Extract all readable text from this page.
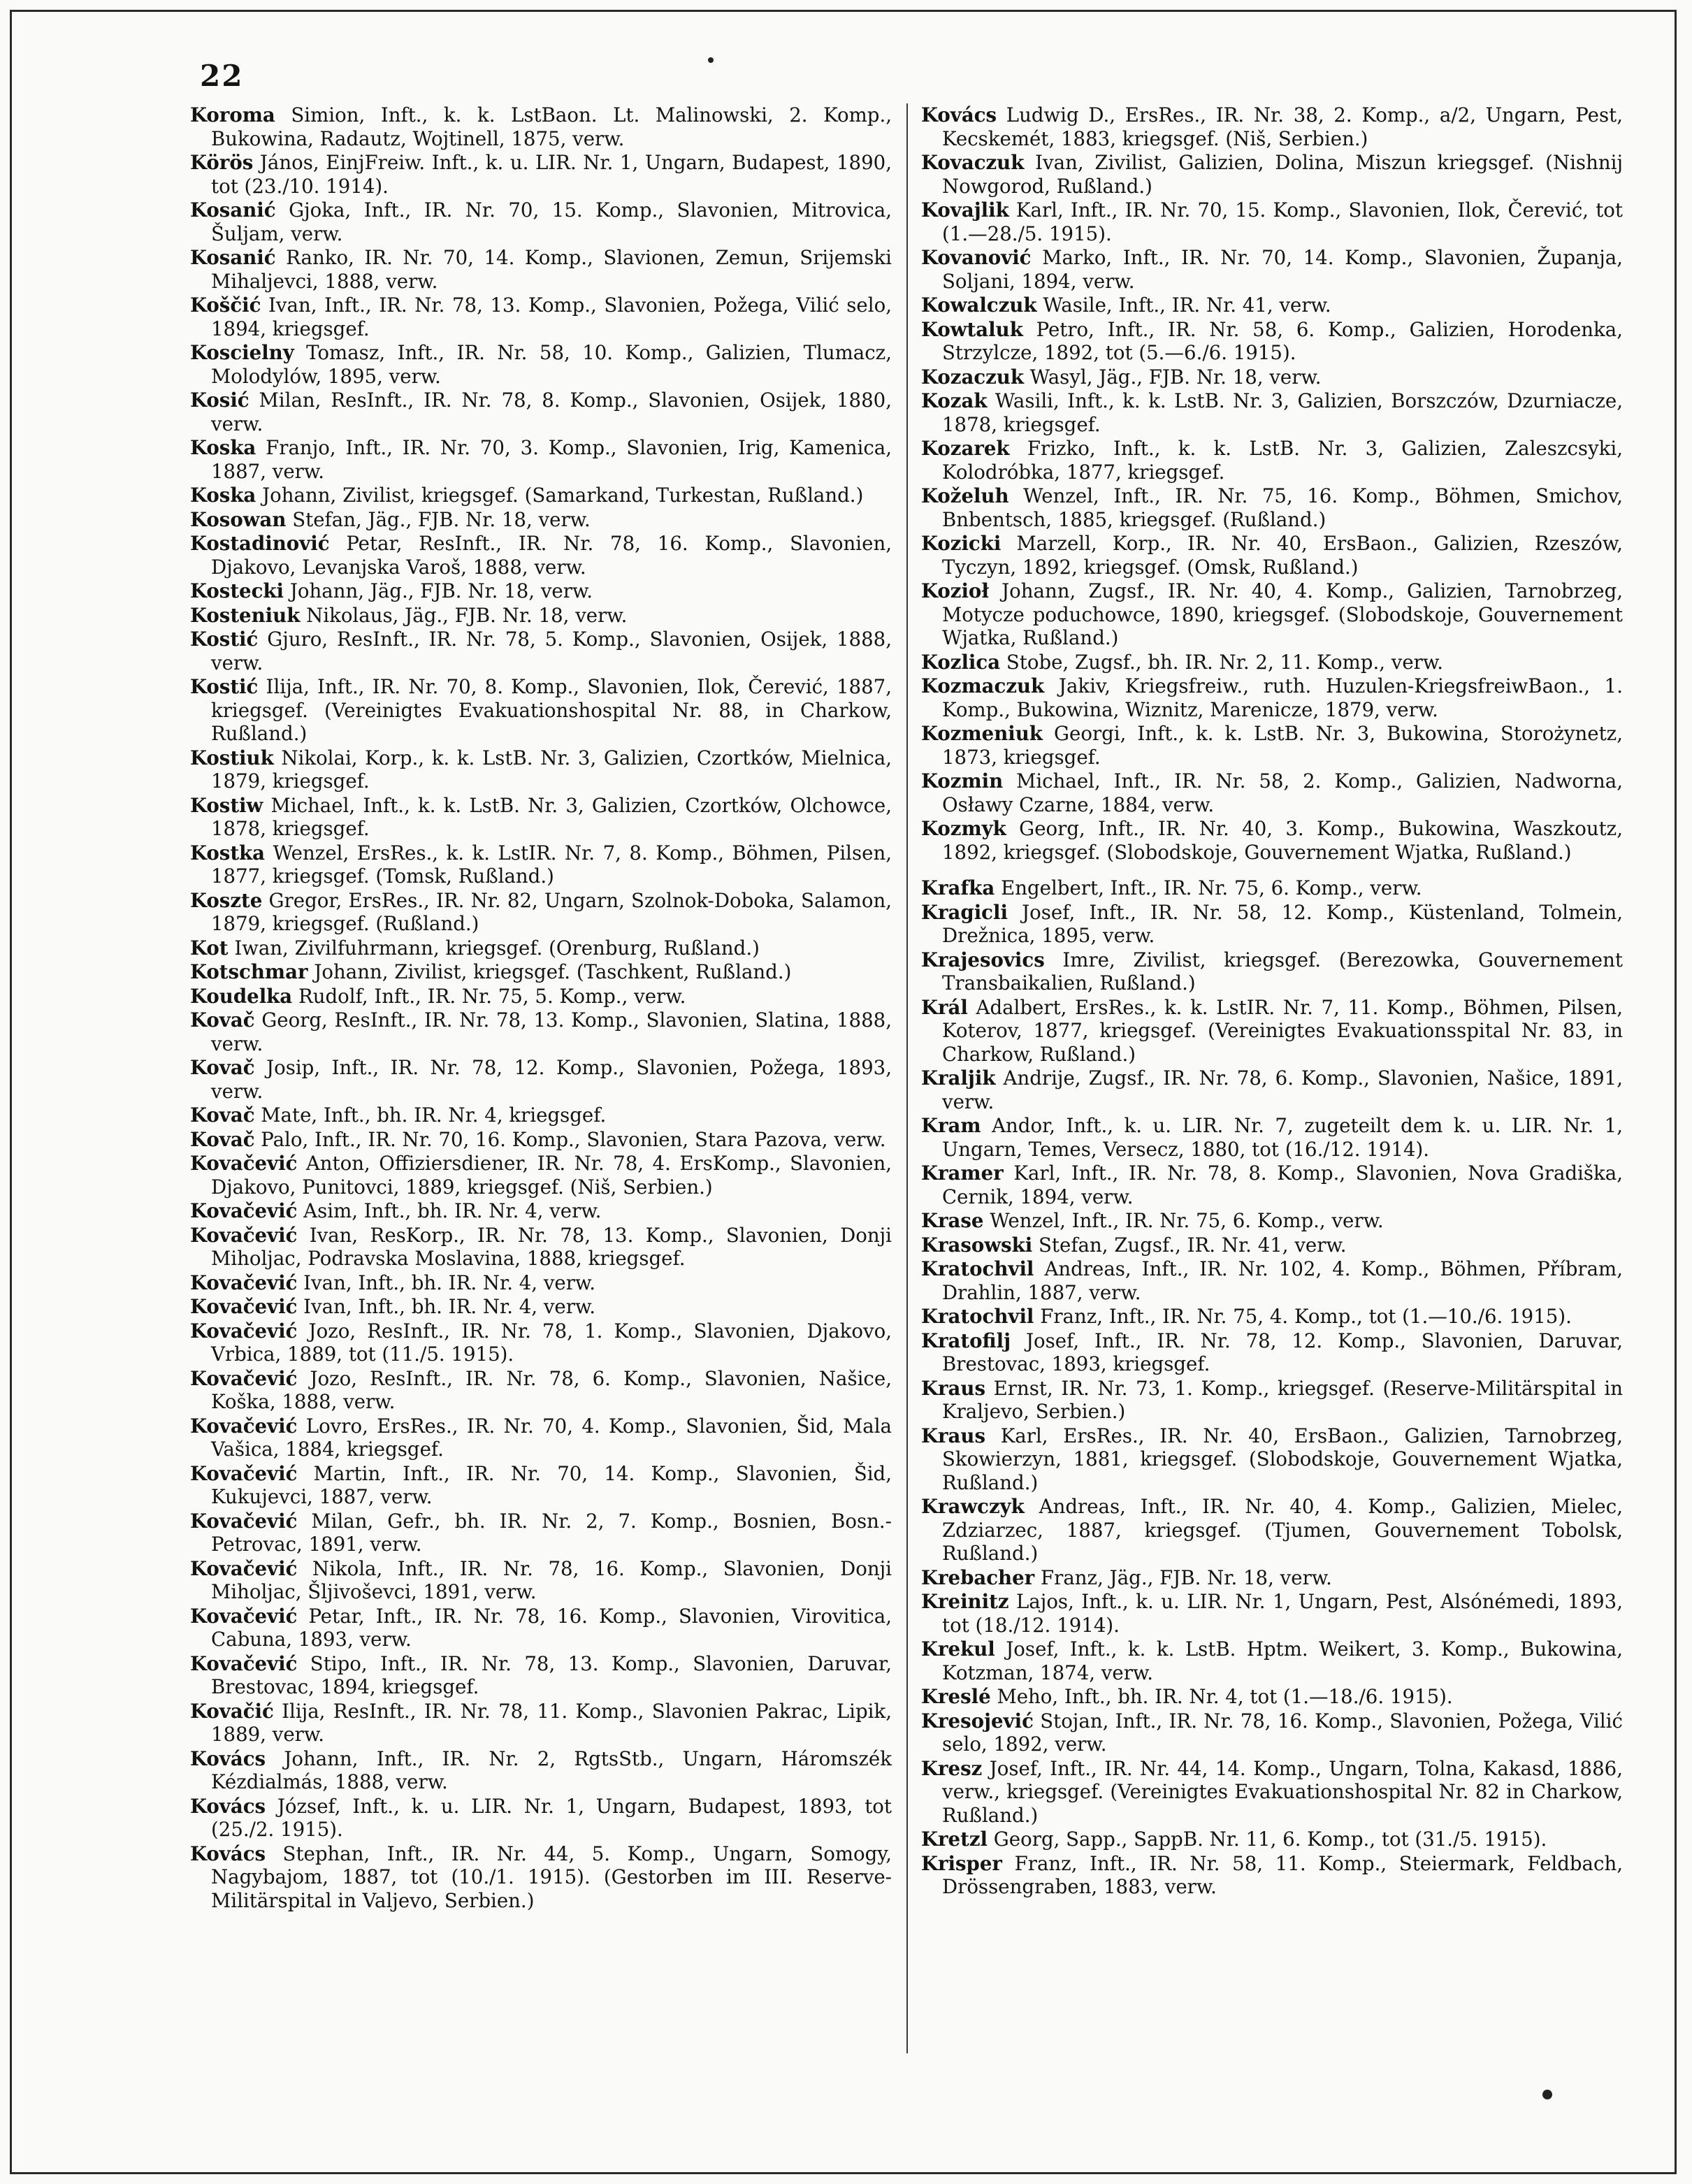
22

Koroma Simion, Inft., k. k. LstBaon. Lt. Malinowski, 2. Komp., Bukowina, Radautz, Wojtinell, 1875, verw.

Körös János, EinjFreiw. Inft., k. u. LIR. Nr. 1, Ungarn, Budapest, 1890, tot (23./10. 1914).

Kosanić Gjoka, Inft., IR. Nr. 70, 15. Komp., Slavonien, Mitrovica, Šuljam, verw.

Kosanić Ranko, IR. Nr. 70, 14. Komp., Slavionen, Zemun, Srijemski Mihaljevci, 1888, verw.

Koščić Ivan, Inft., IR. Nr. 78, 13. Komp., Slavonien, Požega, Vilić selo, 1894, kriegsgef.

Koscielny Tomasz, Inft., IR. Nr. 58, 10. Komp., Galizien, Tlumacz, Molodylów, 1895, verw.

Kosić Milan, ResInft., IR. Nr. 78, 8. Komp., Slavonien, Osijek, 1880, verw.

Koska Franjo, Inft., IR. Nr. 70, 3. Komp., Slavonien, Irig, Kamenica, 1887, verw.

Koska Johann, Zivilist, kriegsgef. (Samarkand, Turkestan, Rußland.)

Kosowan Stefan, Jäg., FJB. Nr. 18, verw.

Kostadinović Petar, ResInft., IR. Nr. 78, 16. Komp., Slavonien, Djakovo, Levanjska Varoš, 1888, verw.

Kostecki Johann, Jäg., FJB. Nr. 18, verw.

Kosteniuk Nikolaus, Jäg., FJB. Nr. 18, verw.

Kostić Gjuro, ResInft., IR. Nr. 78, 5. Komp., Slavonien, Osijek, 1888, verw.

Kostić Ilija, Inft., IR. Nr. 70, 8. Komp., Slavonien, Ilok, Čerević, 1887, kriegsgef. (Vereinigtes Evakuationshospital Nr. 88, in Charkow, Rußland.)

Kostiuk Nikolai, Korp., k. k. LstB. Nr. 3, Galizien, Czortków, Mielnica, 1879, kriegsgef.

Kostiw Michael, Inft., k. k. LstB. Nr. 3, Galizien, Czortków, Olchowce, 1878, kriegsgef.

Kostka Wenzel, ErsRes., k. k. LstIR. Nr. 7, 8. Komp., Böhmen, Pilsen, 1877, kriegsgef. (Tomsk, Rußland.)

Koszte Gregor, ErsRes., IR. Nr. 82, Ungarn, Szolnok-Doboka, Salamon, 1879, kriegsgef. (Rußland.)

Kot Iwan, Zivilfuhrmann, kriegsgef. (Orenburg, Rußland.)

Kotschmar Johann, Zivilist, kriegsgef. (Taschkent, Rußland.)

Koudelka Rudolf, Inft., IR. Nr. 75, 5. Komp., verw.

Kovač Georg, ResInft., IR. Nr. 78, 13. Komp., Slavonien, Slatina, 1888, verw.

Kovač Josip, Inft., IR. Nr. 78, 12. Komp., Slavonien, Požega, 1893, verw.

Kovač Mate, Inft., bh. IR. Nr. 4, kriegsgef.

Kovač Palo, Inft., IR. Nr. 70, 16. Komp., Slavonien, Stara Pazova, verw.

Kovačević Anton, Offiziersdiener, IR. Nr. 78, 4. ErsKomp., Slavonien, Djakovo, Punitovci, 1889, kriegsgef. (Niš, Serbien.)

Kovačević Asim, Inft., bh. IR. Nr. 4, verw.

Kovačević Ivan, ResKorp., IR. Nr. 78, 13. Komp., Slavonien, Donji Miholjac, Podravska Moslavina, 1888, kriegsgef.

Kovačević Ivan, Inft., bh. IR. Nr. 4, verw.

Kovačević Ivan, Inft., bh. IR. Nr. 4, verw.

Kovačević Jozo, ResInft., IR. Nr. 78, 1. Komp., Slavonien, Djakovo, Vrbica, 1889, tot (11./5. 1915).

Kovačević Jozo, ResInft., IR. Nr. 78, 6. Komp., Slavonien, Našice, Koška, 1888, verw.

Kovačević Lovro, ErsRes., IR. Nr. 70, 4. Komp., Slavonien, Šid, Mala Vašica, 1884, kriegsgef.

Kovačević Martin, Inft., IR. Nr. 70, 14. Komp., Slavonien, Šid, Kukujevci, 1887, verw.

Kovačević Milan, Gefr., bh. IR. Nr. 2, 7. Komp., Bosnien, Bosn.-Petrovac, 1891, verw.

Kovačević Nikola, Inft., IR. Nr. 78, 16. Komp., Slavonien, Donji Miholjac, Šljivoševci, 1891, verw.

Kovačević Petar, Inft., IR. Nr. 78, 16. Komp., Slavonien, Virovitica, Cabuna, 1893, verw.

Kovačević Stipo, Inft., IR. Nr. 78, 13. Komp., Slavonien, Daruvar, Brestovac, 1894, kriegsgef.

Kovačić Ilija, ResInft., IR. Nr. 78, 11. Komp., Slavonien Pakrac, Lipik, 1889, verw.

Kovács Johann, Inft., IR. Nr. 2, RgtsStb., Ungarn, Háromszék Kézdialmás, 1888, verw.

Kovács József, Inft., k. u. LIR. Nr. 1, Ungarn, Budapest, 1893, tot (25./2. 1915).

Kovács Stephan, Inft., IR. Nr. 44, 5. Komp., Ungarn, Somogy, Nagybajom, 1887, tot (10./1. 1915). (Gestorben im III. Reserve-Militärspital in Valjevo, Serbien.)

Kovács Ludwig D., ErsRes., IR. Nr. 38, 2. Komp., a/2, Ungarn, Pest, Kecskemét, 1883, kriegsgef. (Niš, Serbien.)

Kovaczuk Ivan, Zivilist, Galizien, Dolina, Miszun kriegsgef. (Nishnij Nowgorod, Rußland.)

Kovajlik Karl, Inft., IR. Nr. 70, 15. Komp., Slavonien, Ilok, Čerević, tot (1.—28./5. 1915).

Kovanović Marko, Inft., IR. Nr. 70, 14. Komp., Slavonien, Županja, Soljani, 1894, verw.

Kowalczuk Wasile, Inft., IR. Nr. 41, verw.

Kowtaluk Petro, Inft., IR. Nr. 58, 6. Komp., Galizien, Horodenka, Strzylcze, 1892, tot (5.—6./6. 1915).

Kozaczuk Wasyl, Jäg., FJB. Nr. 18, verw.

Kozak Wasili, Inft., k. k. LstB. Nr. 3, Galizien, Borszczów, Dzurniacze, 1878, kriegsgef.

Kozarek Frizko, Inft., k. k. LstB. Nr. 3, Galizien, Zaleszcsyki, Kolodróbka, 1877, kriegsgef.

Koželuh Wenzel, Inft., IR. Nr. 75, 16. Komp., Böhmen, Smichov, Bnbentsch, 1885, kriegsgef. (Rußland.)

Kozicki Marzell, Korp., IR. Nr. 40, ErsBaon., Galizien, Rzeszów, Tyczyn, 1892, kriegsgef. (Omsk, Rußland.)

Kozioł Johann, Zugsf., IR. Nr. 40, 4. Komp., Galizien, Tarnobrzeg, Motycze poduchowce, 1890, kriegsgef. (Slobodskoje, Gouvernement Wjatka, Rußland.)

Kozlica Stobe, Zugsf., bh. IR. Nr. 2, 11. Komp., verw.

Kozmaczuk Jakiv, Kriegsfreiw., ruth. Huzulen-KriegsfreiwBaon., 1. Komp., Bukowina, Wiznitz, Marenicze, 1879, verw.

Kozmeniuk Georgi, Inft., k. k. LstB. Nr. 3, Bukowina, Storożynetz, 1873, kriegsgef.

Kozmin Michael, Inft., IR. Nr. 58, 2. Komp., Galizien, Nadworna, Osławy Czarne, 1884, verw.

Kozmyk Georg, Inft., IR. Nr. 40, 3. Komp., Bukowina, Waszkoutz, 1892, kriegsgef. (Slobodskoje, Gouvernement Wjatka, Rußland.)

Krafka Engelbert, Inft., IR. Nr. 75, 6. Komp., verw.

Kragicli Josef, Inft., IR. Nr. 58, 12. Komp., Küstenland, Tolmein, Drežnica, 1895, verw.

Krajesovics Imre, Zivilist, kriegsgef. (Berezowka, Gouvernement Transbaikalien, Rußland.)

Král Adalbert, ErsRes., k. k. LstIR. Nr. 7, 11. Komp., Böhmen, Pilsen, Koterov, 1877, kriegsgef. (Vereinigtes Evakuationsspital Nr. 83, in Charkow, Rußland.)

Kraljik Andrije, Zugsf., IR. Nr. 78, 6. Komp., Slavonien, Našice, 1891, verw.

Kram Andor, Inft., k. u. LIR. Nr. 7, zugeteilt dem k. u. LIR. Nr. 1, Ungarn, Temes, Versecz, 1880, tot (16./12. 1914).

Kramer Karl, Inft., IR. Nr. 78, 8. Komp., Slavonien, Nova Gradiška, Cernik, 1894, verw.

Krase Wenzel, Inft., IR. Nr. 75, 6. Komp., verw.

Krasowski Stefan, Zugsf., IR. Nr. 41, verw.

Kratochvil Andreas, Inft., IR. Nr. 102, 4. Komp., Böhmen, Příbram, Drahlin, 1887, verw.

Kratochvil Franz, Inft., IR. Nr. 75, 4. Komp., tot (1.—10./6. 1915).

Kratofilj Josef, Inft., IR. Nr. 78, 12. Komp., Slavonien, Daruvar, Brestovac, 1893, kriegsgef.

Kraus Ernst, IR. Nr. 73, 1. Komp., kriegsgef. (Reserve-Militärspital in Kraljevo, Serbien.)

Kraus Karl, ErsRes., IR. Nr. 40, ErsBaon., Galizien, Tarnobrzeg, Skowierzyn, 1881, kriegsgef. (Slobodskoje, Gouvernement Wjatka, Rußland.)

Krawczyk Andreas, Inft., IR. Nr. 40, 4. Komp., Galizien, Mielec, Zdziarzec, 1887, kriegsgef. (Tjumen, Gouvernement Tobolsk, Rußland.)

Krebacher Franz, Jäg., FJB. Nr. 18, verw.

Kreinitz Lajos, Inft., k. u. LIR. Nr. 1, Ungarn, Pest, Alsónémedi, 1893, tot (18./12. 1914).

Krekul Josef, Inft., k. k. LstB. Hptm. Weikert, 3. Komp., Bukowina, Kotzman, 1874, verw.

Kreslé Meho, Inft., bh. IR. Nr. 4, tot (1.—18./6. 1915).

Kresojević Stojan, Inft., IR. Nr. 78, 16. Komp., Slavonien, Požega, Vilić selo, 1892, verw.

Kresz Josef, Inft., IR. Nr. 44, 14. Komp., Ungarn, Tolna, Kakasd, 1886, verw., kriegsgef. (Vereinigtes Evakuationshospital Nr. 82 in Charkow, Rußland.)

Kretzl Georg, Sapp., SappB. Nr. 11, 6. Komp., tot (31./5. 1915).

Krisper Franz, Inft., IR. Nr. 58, 11. Komp., Steiermark, Feldbach, Drössengraben, 1883, verw.
